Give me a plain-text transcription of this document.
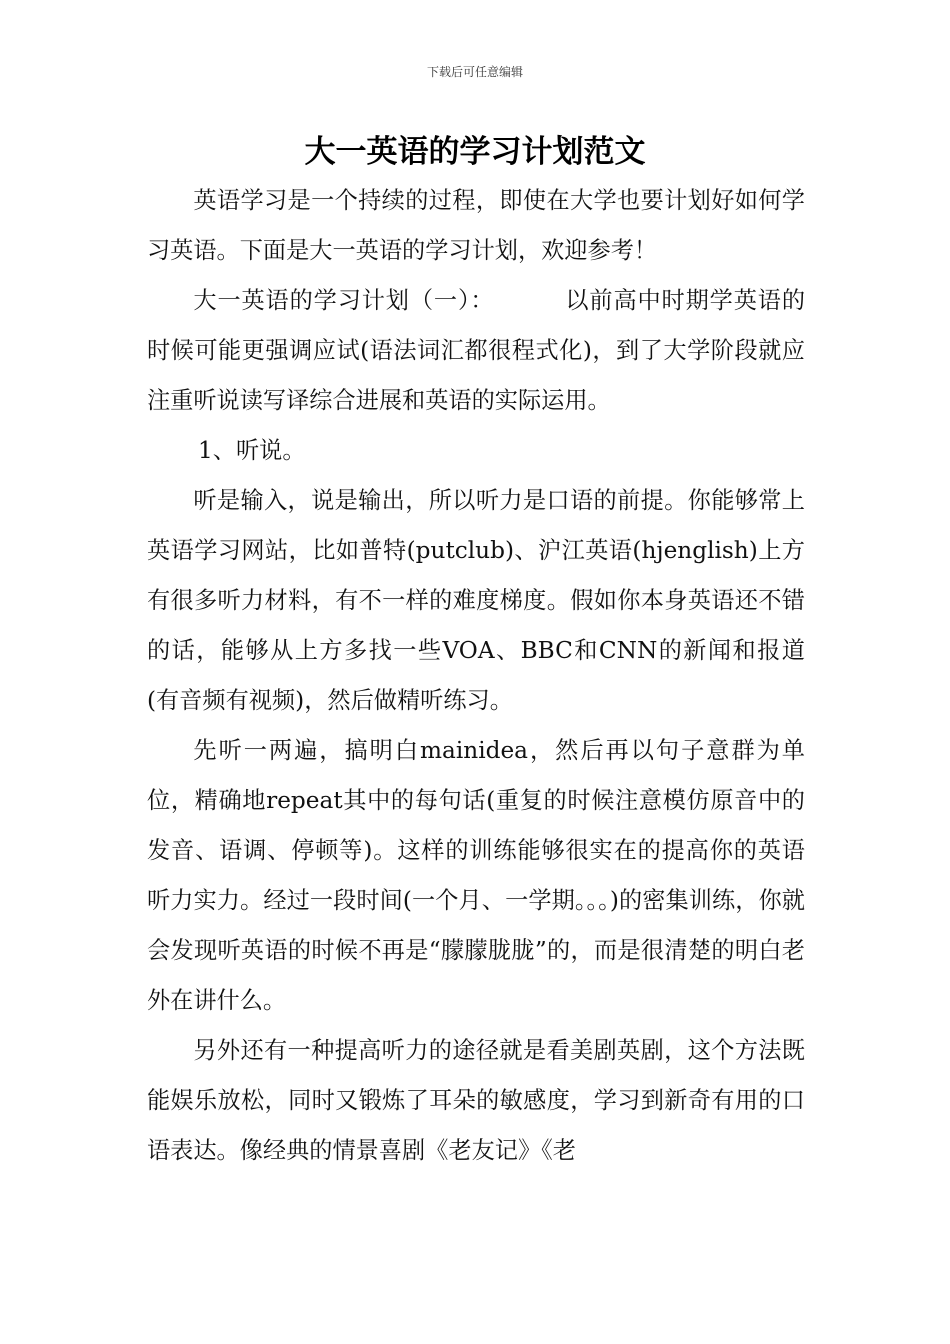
下载后可任意编辑
大一英语的学习计划范文

英语学习是一个持续的过程，即使在大学也要计划好如何学习英语。下面是大一英语的学习计划，欢迎参考！

大一英语的学习计划（一）：	以前高中时期学英语的时候可能更强调应试(语法词汇都很程式化)，到了大学阶段就应注重听说读写译综合进展和英语的实际运用。

1、听说。

听是输入，说是输出，所以听力是口语的前提。你能够常上英语学习网站，比如普特(putclub)、沪江英语(hjenglish)上方有很多听力材料，有不一样的难度梯度。假如你本身英语还不错的话，能够从上方多找一些VOA、BBC和CNN的新闻和报道(有音频有视频)，然后做精听练习。

先听一两遍，搞明白mainidea，然后再以句子意群为单位，精确地repeat其中的每句话(重复的时候注意模仿原音中的发音、语调、停顿等)。这样的训练能够很实在的提高你的英语听力实力。经过一段时间(一个月、一学期。。。)的密集训练，你就会发现听英语的时候不再是“朦朦胧胧”的，而是很清楚的明白老外在讲什么。

另外还有一种提高听力的途径就是看美剧英剧，这个方法既能娱乐放松，同时又锻炼了耳朵的敏感度，学习到新奇有用的口语表达。像经典的情景喜剧《老友记》《老
